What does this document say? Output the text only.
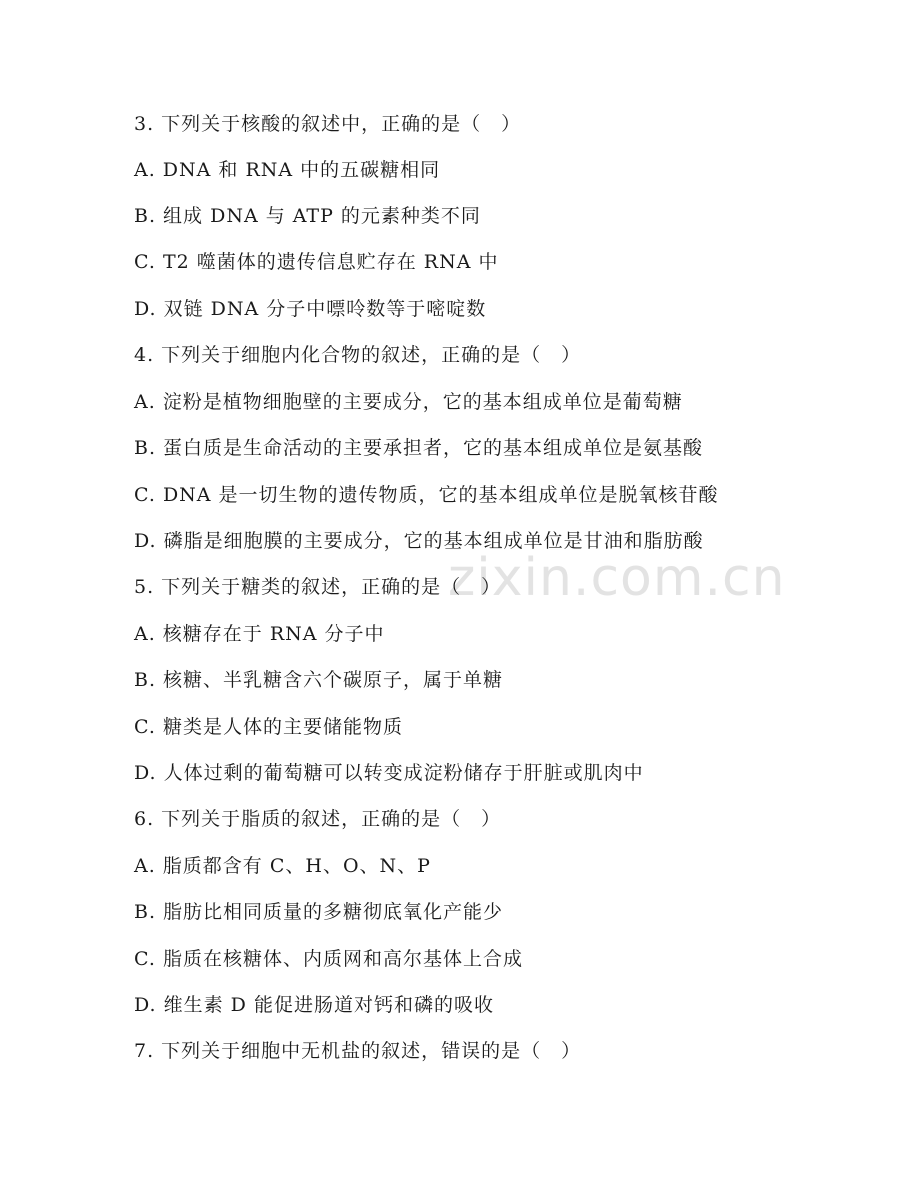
zixin.com.cn
3. 下列关于核酸的叙述中，正确的是（　）
A. DNA 和 RNA 中的五碳糖相同
B. 组成 DNA 与 ATP 的元素种类不同
C. T2 噬菌体的遗传信息贮存在 RNA 中
D. 双链 DNA 分子中嘌呤数等于嘧啶数
4. 下列关于细胞内化合物的叙述，正确的是（　）
A. 淀粉是植物细胞壁的主要成分，它的基本组成单位是葡萄糖
B. 蛋白质是生命活动的主要承担者，它的基本组成单位是氨基酸
C. DNA 是一切生物的遗传物质，它的基本组成单位是脱氧核苷酸
D. 磷脂是细胞膜的主要成分，它的基本组成单位是甘油和脂肪酸
5. 下列关于糖类的叙述，正确的是（　）
A. 核糖存在于 RNA 分子中
B. 核糖、半乳糖含六个碳原子，属于单糖
C. 糖类是人体的主要储能物质
D. 人体过剩的葡萄糖可以转变成淀粉储存于肝脏或肌肉中
6. 下列关于脂质的叙述，正确的是（　）
A. 脂质都含有 C、H、O、N、P
B. 脂肪比相同质量的多糖彻底氧化产能少
C. 脂质在核糖体、内质网和高尔基体上合成
D. 维生素 D 能促进肠道对钙和磷的吸收
7. 下列关于细胞中无机盐的叙述，错误的是（　）
